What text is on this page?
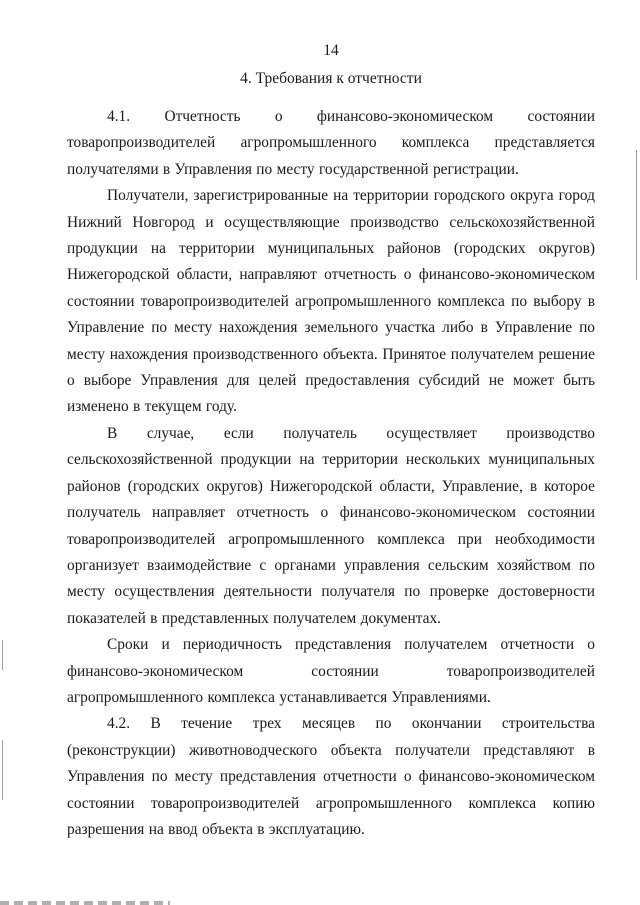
14
4. Требования к отчетности

4.1. Отчетность о финансово-экономическом состоянии товаропроизводителей агропромышленного комплекса представляется получателями в Управления по месту государственной регистрации.

Получатели, зарегистрированные на территории городского округа город Нижний Новгород и осуществляющие производство сельскохозяйственной продукции на территории муниципальных районов (городских округов) Нижегородской области, направляют отчетность о финансово-экономическом состоянии товаропроизводителей агропромышленного комплекса по выбору в Управление по месту нахождения земельного участка либо в Управление по месту нахождения производственного объекта. Принятое получателем решение о выборе Управления для целей предоставления субсидий не может быть изменено в текущем году.

В случае, если получатель осуществляет производство сельскохозяйственной продукции на территории нескольких муниципальных районов (городских округов) Нижегородской области, Управление, в которое получатель направляет отчетность о финансово-экономическом состоянии товаропроизводителей агропромышленного комплекса при необходимости организует взаимодействие с органами управления сельским хозяйством по месту осуществления деятельности получателя по проверке достоверности показателей в представленных получателем документах.

Сроки и периодичность представления получателем отчетности о финансово-экономическом состоянии товаропроизводителей агропромышленного комплекса устанавливается Управлениями.

4.2. В течение трех месяцев по окончании строительства (реконструкции) животноводческого объекта получатели представляют в Управления по месту представления отчетности о финансово-экономическом состоянии товаропроизводителей агропромышленного комплекса копию разрешения на ввод объекта в эксплуатацию.
